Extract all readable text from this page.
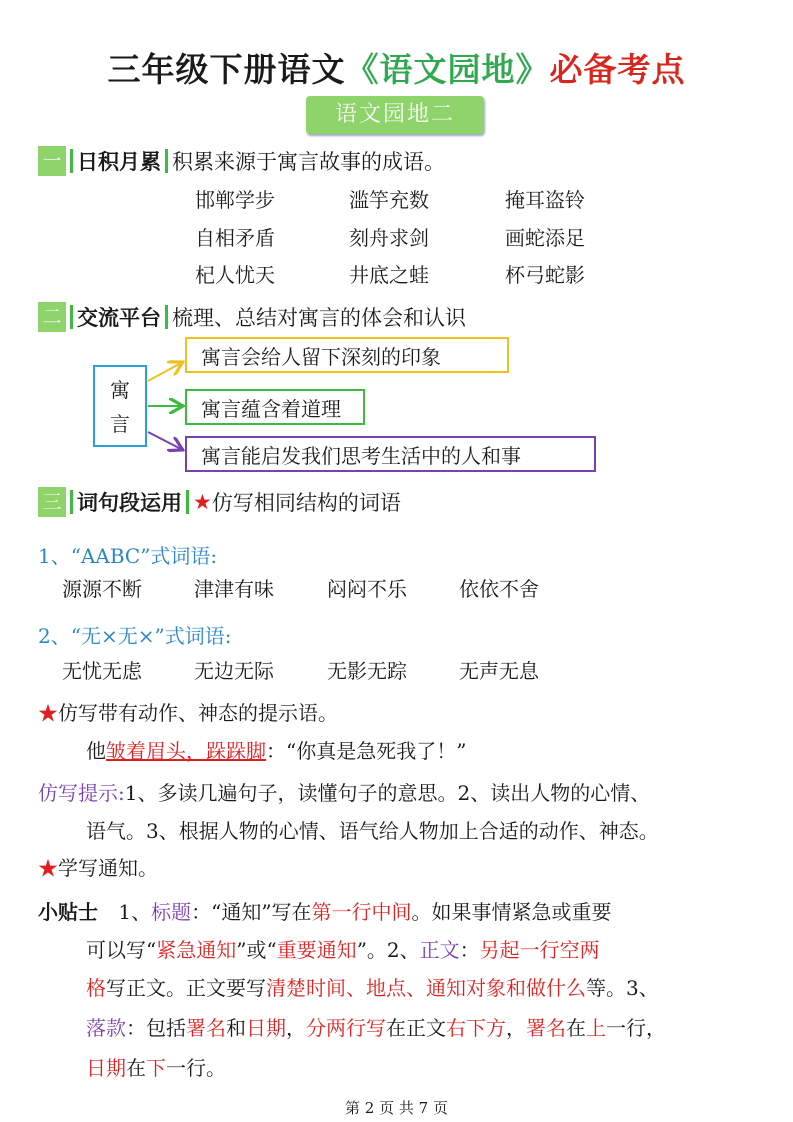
三年级下册语文《语文园地》必备考点
语文园地二
一 日积月累 积累来源于寓言故事的成语。
邯郸学步	滥竽充数	掩耳盗铃
自相矛盾	刻舟求剑	画蛇添足
杞人忧天	井底之蛙	杯弓蛇影
二 交流平台 梳理、总结对寓言的体会和认识
寓
言
寓言会给人留下深刻的印象
寓言蕴含着道理
寓言能启发我们思考生活中的人和事
三 词句段运用 ★ 仿写相同结构的词语
1、“AABC”式词语:
源源不断	津津有味	闷闷不乐	依依不舍
2、“无×无×”式词语:
无忧无虑	无边无际	无影无踪	无声无息
★仿写带有动作、神态的提示语。
他皱着眉头，跺跺脚：“你真是急死我了！”
仿写提示:1、多读几遍句子，读懂句子的意思。2、读出人物的心情、
语气。3、根据人物的心情、语气给人物加上合适的动作、神态。
★学写通知。
小贴士 1、标题：“通知”写在第一行中间。如果事情紧急或重要
可以写“紧急通知”或“重要通知”。2、正文：另起一行空两
格写正文。正文要写清楚时间、地点、通知对象和做什么等。3、
落款：包括署名和日期，分两行写在正文右下方，署名在上一行，
日期在下一行。
第 2 页 共 7 页
